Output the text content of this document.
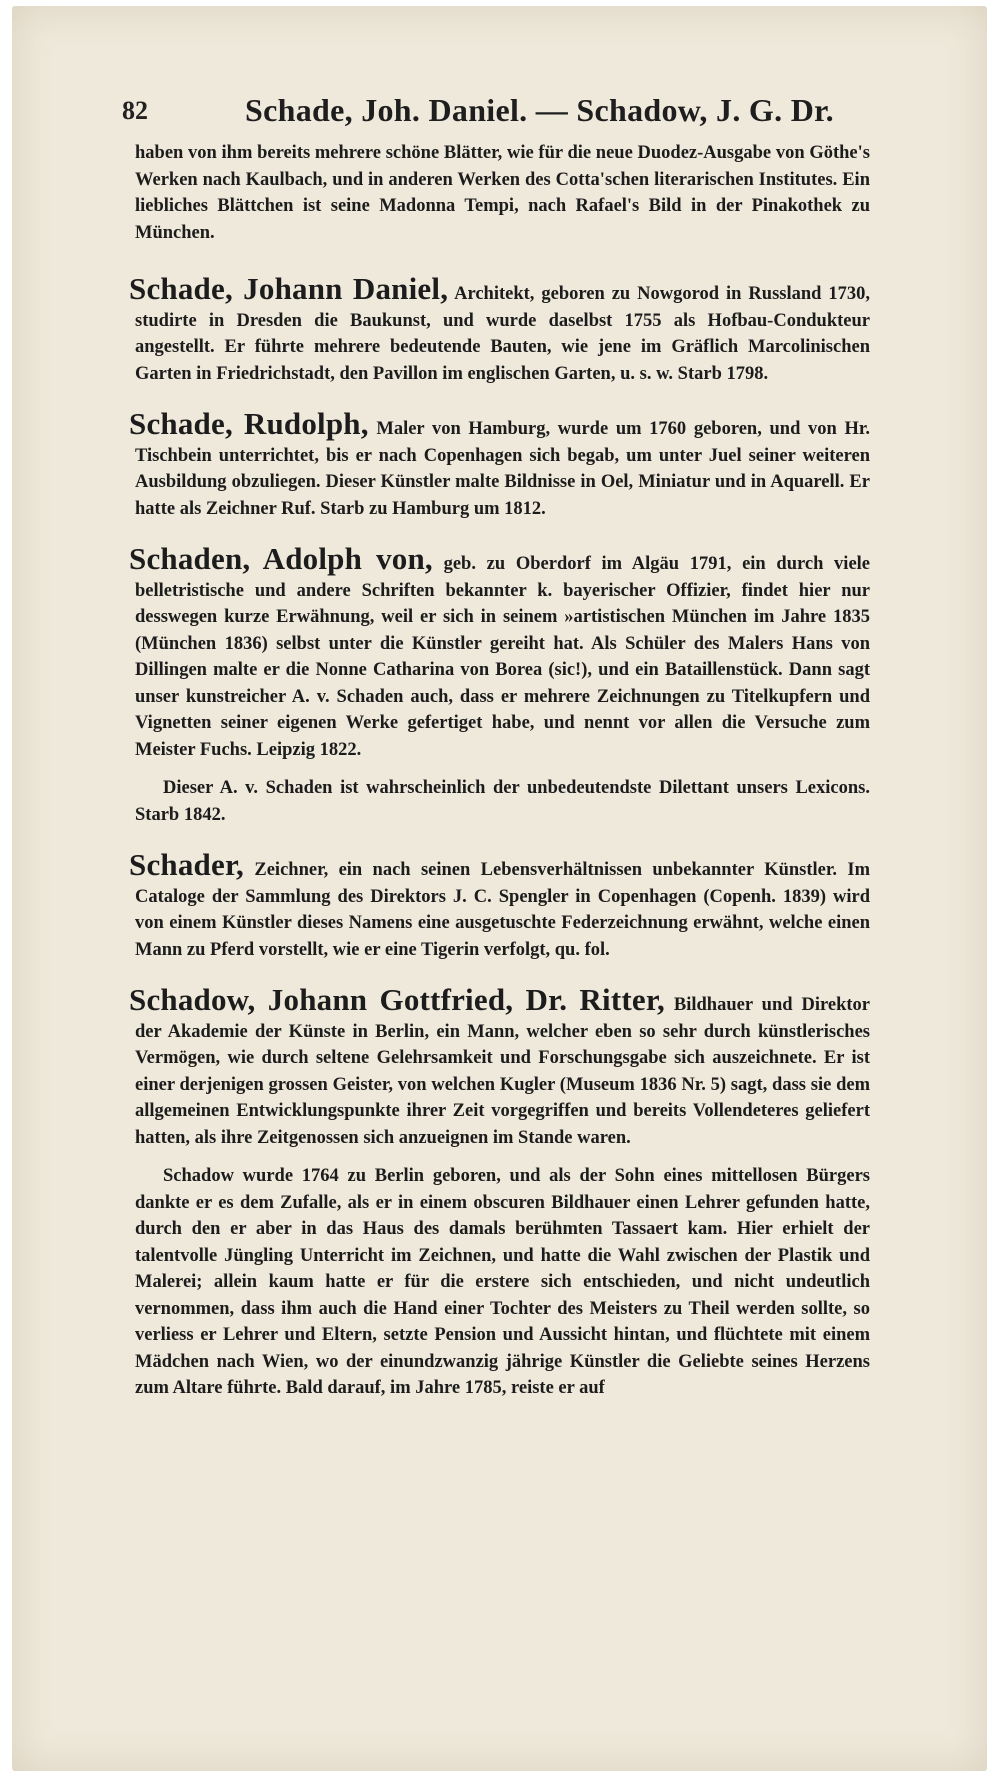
82	Schade, Joh. Daniel. — Schadow, J. G. Dr.

haben von ihm bereits mehrere schöne Blätter, wie für die neue Duodez-Ausgabe von Göthe's Werken nach Kaulbach, und in anderen Werken des Cotta'schen literarischen Institutes. Ein liebliches Blättchen ist seine Madonna Tempi, nach Rafael's Bild in der Pinakothek zu München.

Schade, Johann Daniel, Architekt, geboren zu Nowgorod in Russland 1730, studirte in Dresden die Baukunst, und wurde daselbst 1755 als Hofbau-Condukteur angestellt. Er führte mehrere bedeutende Bauten, wie jene im Gräflich Marcolinischen Garten in Friedrichstadt, den Pavillon im englischen Garten, u. s. w. Starb 1798.

Schade, Rudolph, Maler von Hamburg, wurde um 1760 geboren, und von Hr. Tischbein unterrichtet, bis er nach Copenhagen sich begab, um unter Juel seiner weiteren Ausbildung obzuliegen. Dieser Künstler malte Bildnisse in Oel, Miniatur und in Aquarell. Er hatte als Zeichner Ruf. Starb zu Hamburg um 1812.

Schaden, Adolph von, geb. zu Oberdorf im Algäu 1791, ein durch viele belletristische und andere Schriften bekannter k. bayerischer Offizier, findet hier nur desswegen kurze Erwähnung, weil er sich in seinem »artistischen München im Jahre 1835 (München 1836) selbst unter die Künstler gereiht hat. Als Schüler des Malers Hans von Dillingen malte er die Nonne Catharina von Borea (sic!), und ein Bataillenstück. Dann sagt unser kunstreicher A. v. Schaden auch, dass er mehrere Zeichnungen zu Titelkupfern und Vignetten seiner eigenen Werke gefertiget habe, und nennt vor allen die Versuche zum Meister Fuchs. Leipzig 1822.

Dieser A. v. Schaden ist wahrscheinlich der unbedeutendste Dilettant unsers Lexicons. Starb 1842.

Schader, Zeichner, ein nach seinen Lebensverhältnissen unbekannter Künstler. Im Cataloge der Sammlung des Direktors J. C. Spengler in Copenhagen (Copenh. 1839) wird von einem Künstler dieses Namens eine ausgetuschte Federzeichnung erwähnt, welche einen Mann zu Pferd vorstellt, wie er eine Tigerin verfolgt, qu. fol.

Schadow, Johann Gottfried, Dr. Ritter, Bildhauer und Direktor der Akademie der Künste in Berlin, ein Mann, welcher eben so sehr durch künstlerisches Vermögen, wie durch seltene Gelehrsamkeit und Forschungsgabe sich auszeichnete. Er ist einer derjenigen grossen Geister, von welchen Kugler (Museum 1836 Nr. 5) sagt, dass sie dem allgemeinen Entwicklungspunkte ihrer Zeit vorgegriffen und bereits Vollendeteres geliefert hatten, als ihre Zeitgenossen sich anzueignen im Stande waren.

Schadow wurde 1764 zu Berlin geboren, und als der Sohn eines mittellosen Bürgers dankte er es dem Zufalle, als er in einem obscuren Bildhauer einen Lehrer gefunden hatte, durch den er aber in das Haus des damals berühmten Tassaert kam. Hier erhielt der talentvolle Jüngling Unterricht im Zeichnen, und hatte die Wahl zwischen der Plastik und Malerei; allein kaum hatte er für die erstere sich entschieden, und nicht undeutlich vernommen, dass ihm auch die Hand einer Tochter des Meisters zu Theil werden sollte, so verliess er Lehrer und Eltern, setzte Pension und Aussicht hintan, und flüchtete mit einem Mädchen nach Wien, wo der einundzwanzig jährige Künstler die Geliebte seines Herzens zum Altare führte. Bald darauf, im Jahre 1785, reiste er auf
